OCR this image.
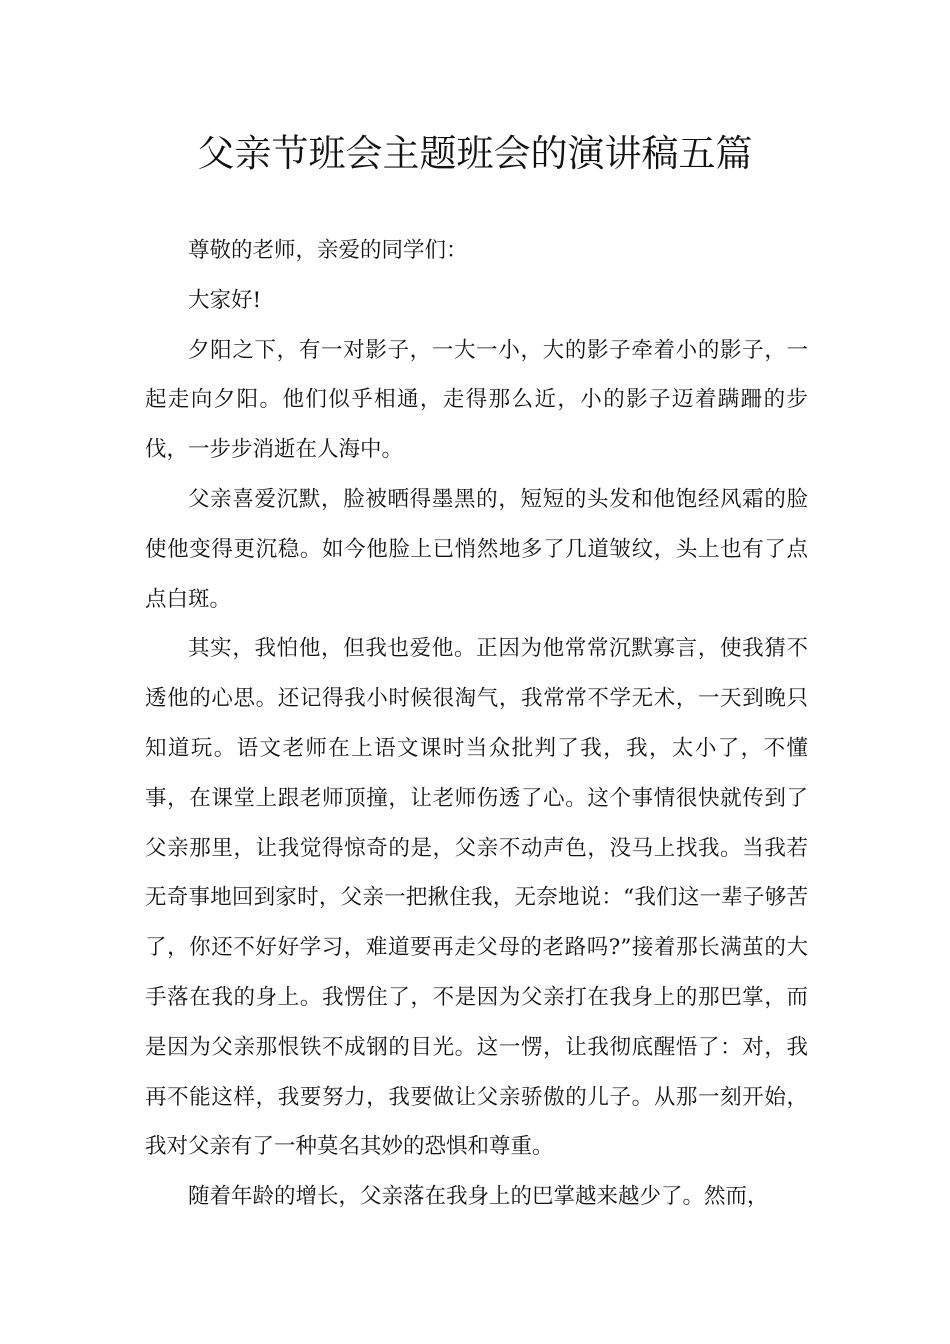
父亲节班会主题班会的演讲稿五篇

尊敬的老师，亲爱的同学们：

大家好!

夕阳之下，有一对影子，一大一小，大的影子牵着小的影子，一起走向夕阳。他们似乎相通，走得那么近，小的影子迈着蹒跚的步伐，一步步消逝在人海中。

父亲喜爱沉默，脸被晒得墨黑的，短短的头发和他饱经风霜的脸使他变得更沉稳。如今他脸上已悄然地多了几道皱纹，头上也有了点点白斑。

其实，我怕他，但我也爱他。正因为他常常沉默寡言，使我猜不透他的心思。还记得我小时候很淘气，我常常不学无术，一天到晚只知道玩。语文老师在上语文课时当众批判了我，我，太小了，不懂事，在课堂上跟老师顶撞，让老师伤透了心。这个事情很快就传到了父亲那里，让我觉得惊奇的是，父亲不动声色，没马上找我。当我若无奇事地回到家时，父亲一把揪住我，无奈地说：“我们这一辈子够苦了，你还不好好学习，难道要再走父母的老路吗?”接着那长满茧的大手落在我的身上。我愣住了，不是因为父亲打在我身上的那巴掌，而是因为父亲那恨铁不成钢的目光。这一愣，让我彻底醒悟了：对，我再不能这样，我要努力，我要做让父亲骄傲的儿子。从那一刻开始，我对父亲有了一种莫名其妙的恐惧和尊重。

随着年龄的增长，父亲落在我身上的巴掌越来越少了。然而，
